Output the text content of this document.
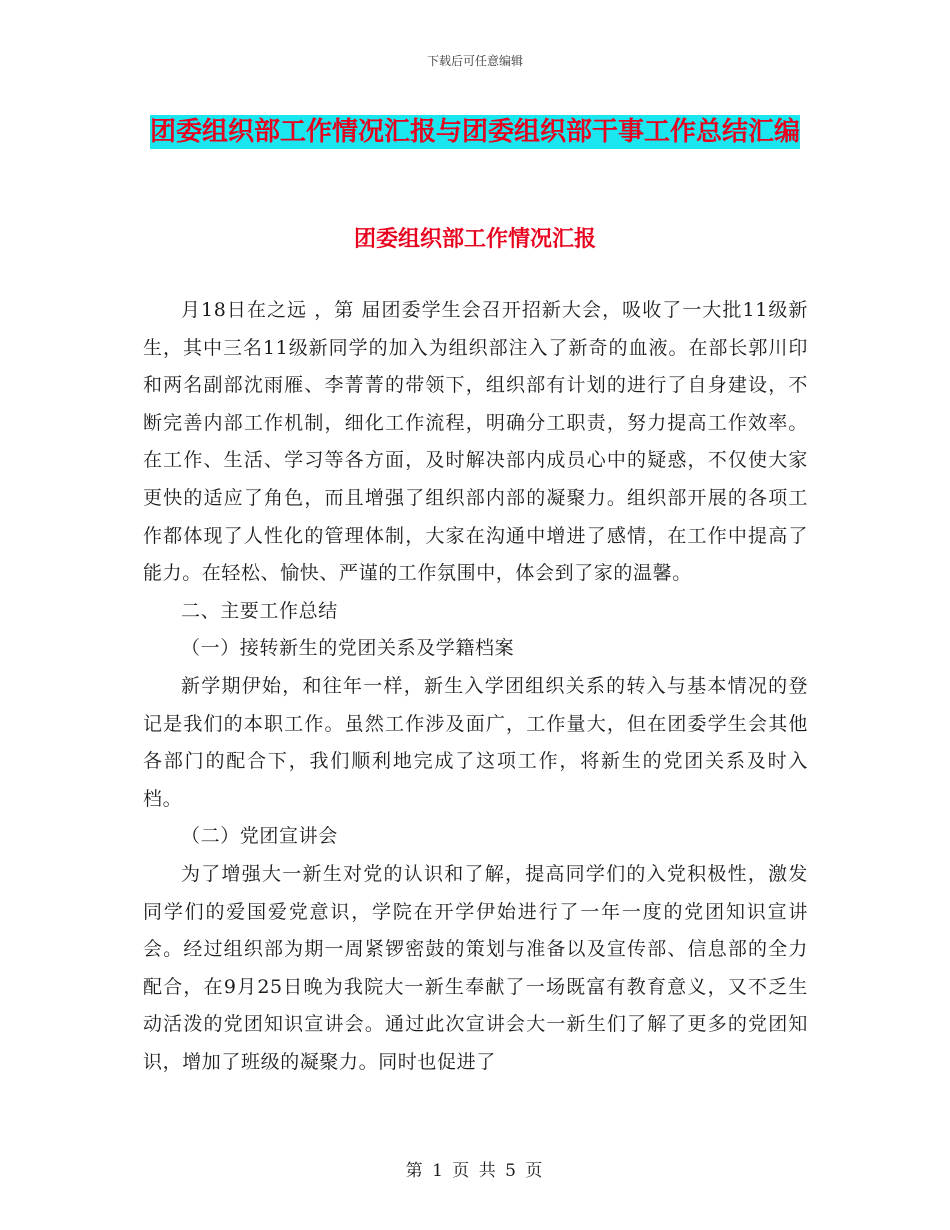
下载后可任意编辑
团委组织部工作情况汇报与团委组织部干事工作总结汇编
团委组织部工作情况汇报

月18日在之远 ，第 届团委学生会召开招新大会，吸收了一大批11级新生，其中三名11级新同学的加入为组织部注入了新奇的血液。在部长郭川印和两名副部沈雨雁、李菁菁的带领下，组织部有计划的进行了自身建设，不断完善内部工作机制，细化工作流程，明确分工职责，努力提高工作效率。在工作、生活、学习等各方面，及时解决部内成员心中的疑惑，不仅使大家更快的适应了角色，而且增强了组织部内部的凝聚力。组织部开展的各项工作都体现了人性化的管理体制，大家在沟通中增进了感情，在工作中提高了能力。在轻松、愉快、严谨的工作氛围中，体会到了家的温馨。

二、主要工作总结

（一）接转新生的党团关系及学籍档案

新学期伊始，和往年一样，新生入学团组织关系的转入与基本情况的登记是我们的本职工作。虽然工作涉及面广，工作量大，但在团委学生会其他各部门的配合下，我们顺利地完成了这项工作，将新生的党团关系及时入档。

（二）党团宣讲会

为了增强大一新生对党的认识和了解，提高同学们的入党积极性，激发同学们的爱国爱党意识，学院在开学伊始进行了一年一度的党团知识宣讲会。经过组织部为期一周紧锣密鼓的策划与准备以及宣传部、信息部的全力配合，在9月25日晚为我院大一新生奉献了一场既富有教育意义，又不乏生动活泼的党团知识宣讲会。通过此次宣讲会大一新生们了解了更多的党团知识，增加了班级的凝聚力。同时也促进了

第 1 页 共 5 页
